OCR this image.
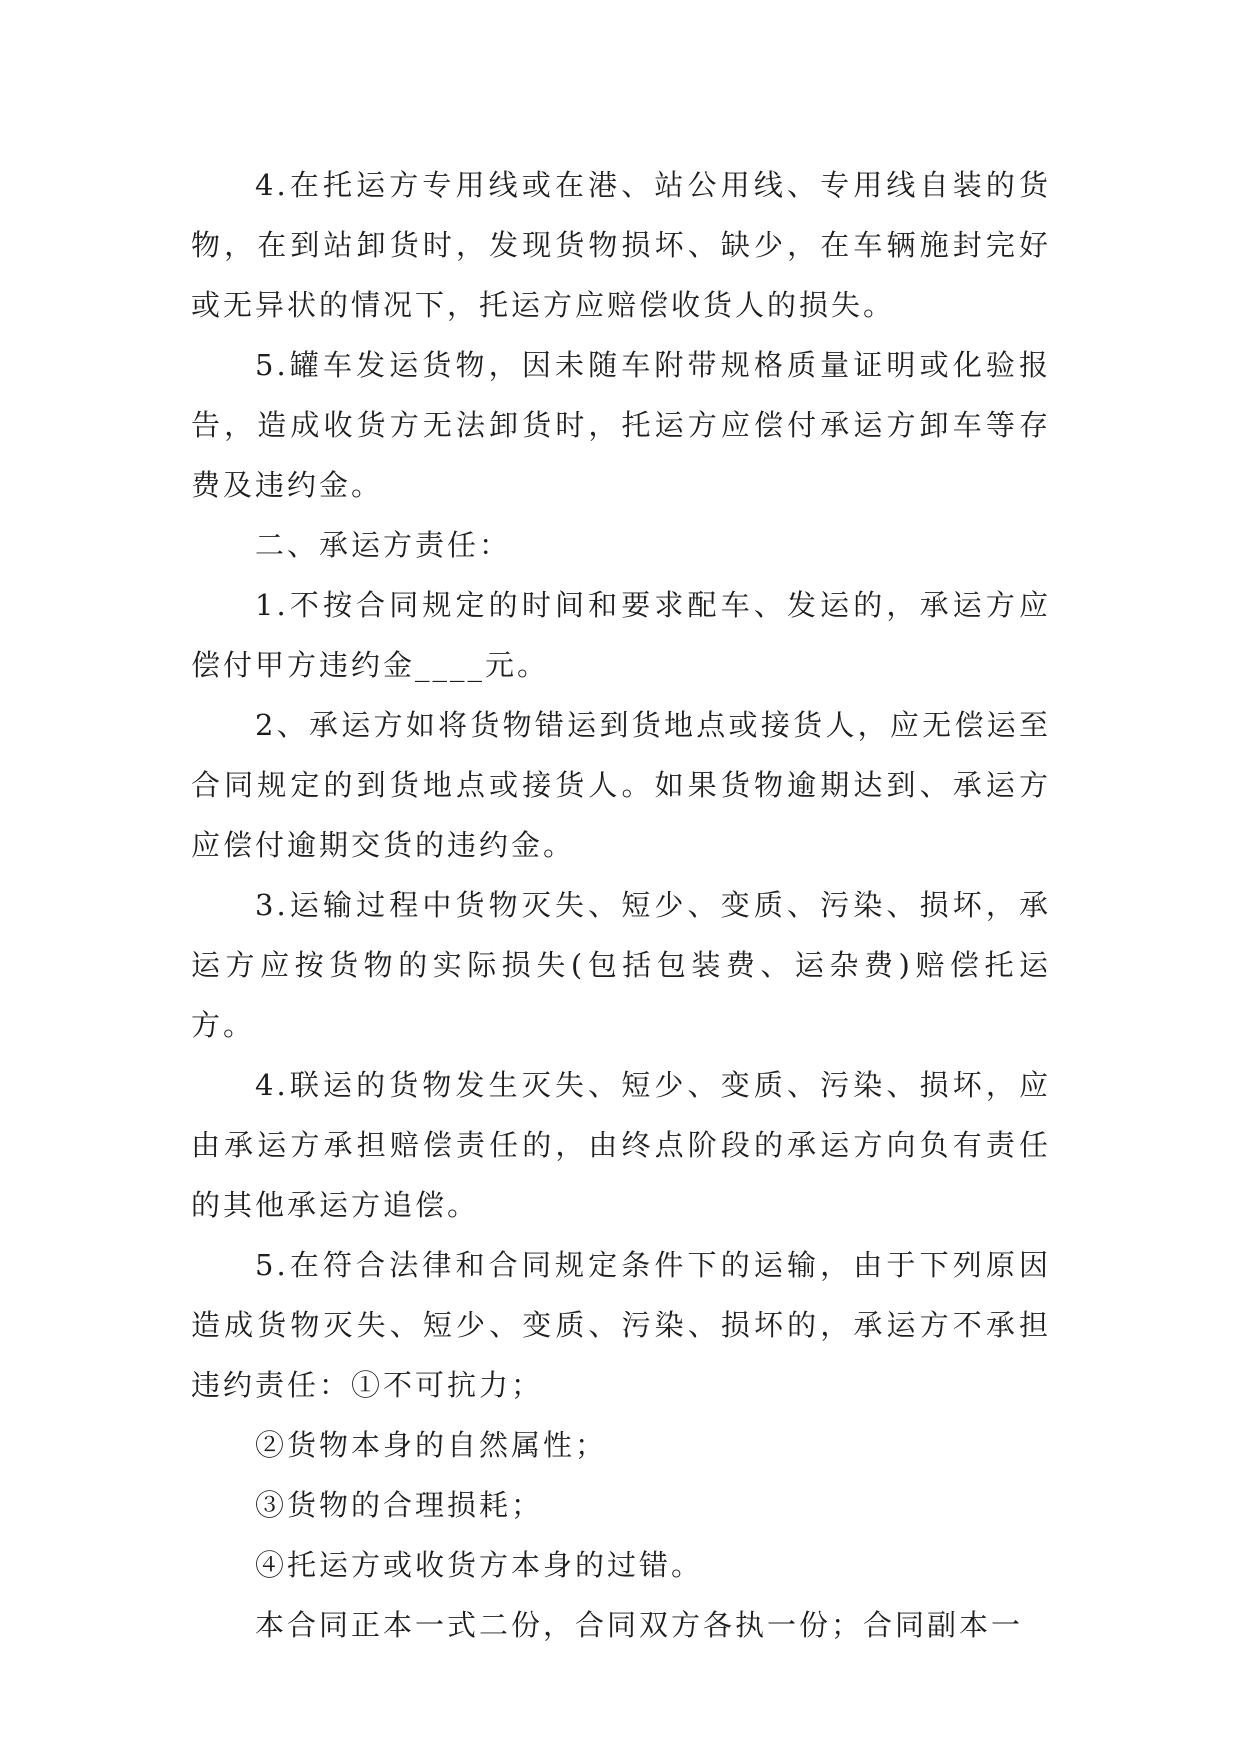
4.在托运方专用线或在港、站公用线、专用线自装的货物，在到站卸货时，发现货物损坏、缺少，在车辆施封完好或无异状的情况下，托运方应赔偿收货人的损失。

5.罐车发运货物，因未随车附带规格质量证明或化验报告，造成收货方无法卸货时，托运方应偿付承运方卸车等存费及违约金。

二、承运方责任：

1.不按合同规定的时间和要求配车、发运的，承运方应偿付甲方违约金____元。

2、承运方如将货物错运到货地点或接货人，应无偿运至合同规定的到货地点或接货人。如果货物逾期达到、承运方应偿付逾期交货的违约金。

3.运输过程中货物灭失、短少、变质、污染、损坏，承运方应按货物的实际损失(包括包装费、运杂费)赔偿托运方。

4.联运的货物发生灭失、短少、变质、污染、损坏，应由承运方承担赔偿责任的，由终点阶段的承运方向负有责任的其他承运方追偿。

5.在符合法律和合同规定条件下的运输，由于下列原因造成货物灭失、短少、变质、污染、损坏的，承运方不承担违约责任：①不可抗力；

②货物本身的自然属性；

③货物的合理损耗；

④托运方或收货方本身的过错。

本合同正本一式二份，合同双方各执一份；合同副本一
